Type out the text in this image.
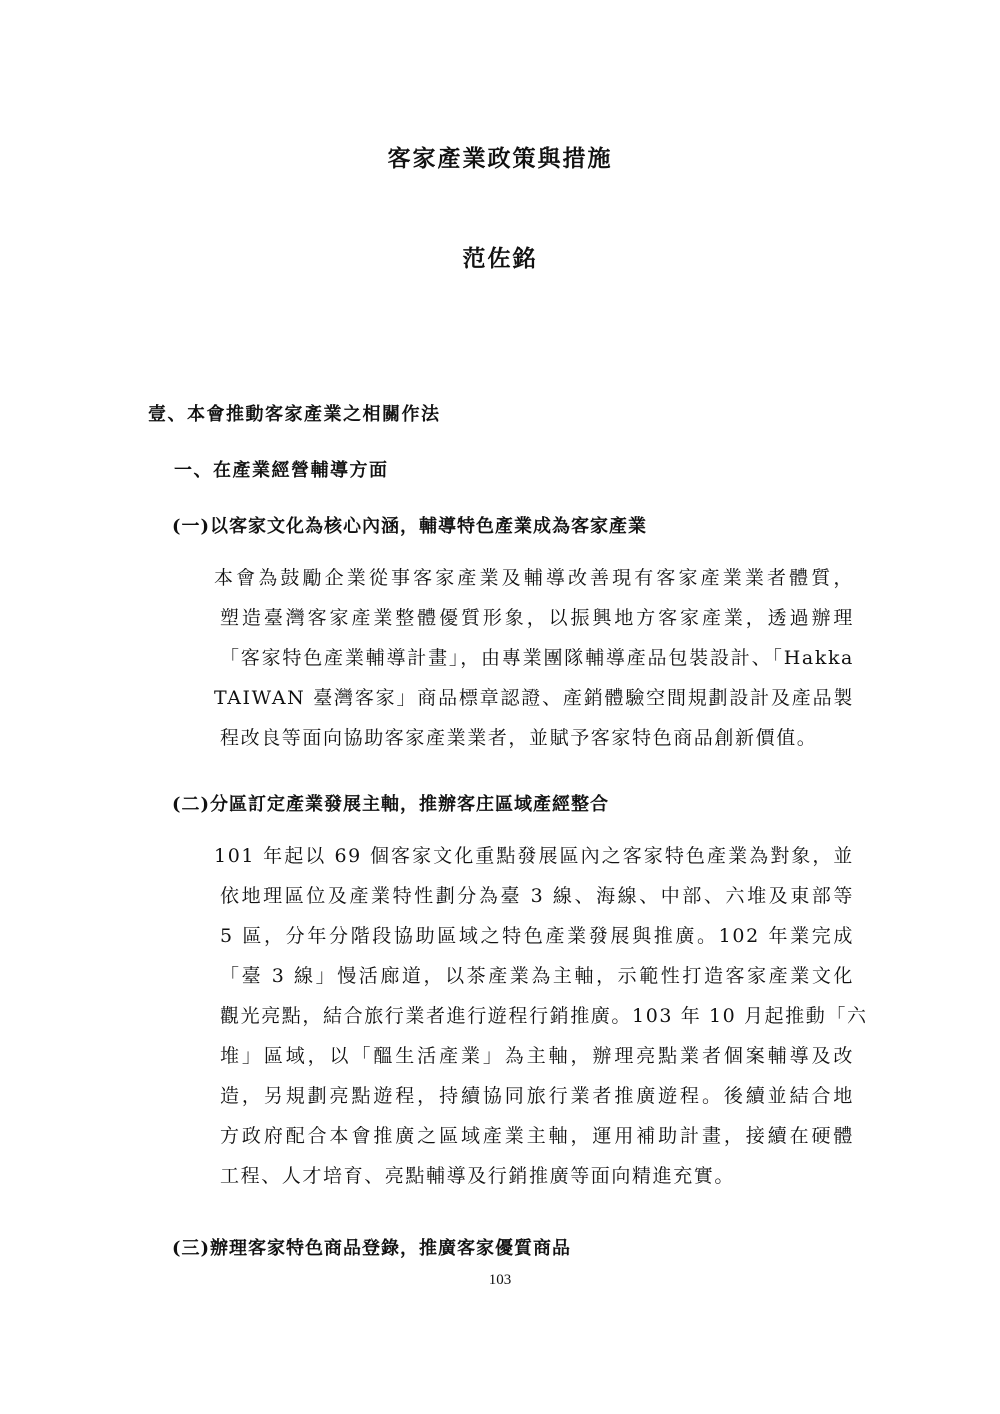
客家產業政策與措施
范佐銘
壹、本會推動客家產業之相關作法
一、在產業經營輔導方面
(一)以客家文化為核心內涵，輔導特色產業成為客家產業
本會為鼓勵企業從事客家產業及輔導改善現有客家產業業者體質，
塑造臺灣客家產業整體優質形象，以振興地方客家產業，透過辦理
「客家特色產業輔導計畫」，由專業團隊輔導產品包裝設計、「Hakka
TAIWAN 臺灣客家」商品標章認證、產銷體驗空間規劃設計及產品製
程改良等面向協助客家產業業者，並賦予客家特色商品創新價值。
(二)分區訂定產業發展主軸，推辦客庄區域產經整合
101 年起以 69 個客家文化重點發展區內之客家特色產業為對象，並
依地理區位及產業特性劃分為臺 3 線、海線、中部、六堆及東部等
5 區，分年分階段協助區域之特色產業發展與推廣。102 年業完成
「臺 3 線」慢活廊道，以茶產業為主軸，示範性打造客家產業文化
觀光亮點，結合旅行業者進行遊程行銷推廣。103 年 10 月起推動「六
堆」區域，以「醞生活產業」為主軸，辦理亮點業者個案輔導及改
造，另規劃亮點遊程，持續協同旅行業者推廣遊程。後續並結合地
方政府配合本會推廣之區域產業主軸，運用補助計畫，接續在硬體
工程、人才培育、亮點輔導及行銷推廣等面向精進充實。
(三)辦理客家特色商品登錄，推廣客家優質商品
103
